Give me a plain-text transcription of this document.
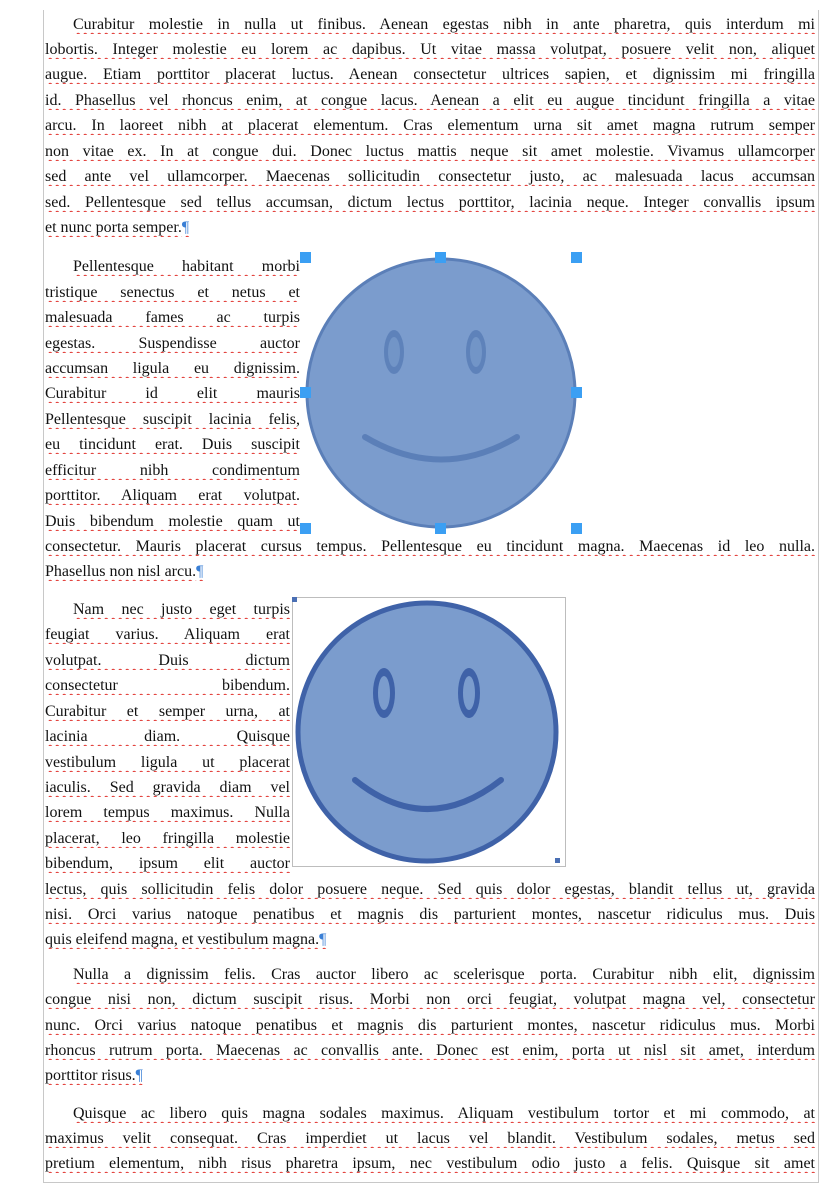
Curabitur molestie in nulla ut finibus. Aenean egestas nibh in ante pharetra, quis interdum mi
lobortis. Integer molestie eu lorem ac dapibus. Ut vitae massa volutpat, posuere velit non, aliquet
augue. Etiam porttitor placerat luctus. Aenean consectetur ultrices sapien, et dignissim mi fringilla
id. Phasellus vel rhoncus enim, at congue lacus. Aenean a elit eu augue tincidunt fringilla a vitae
arcu. In laoreet nibh at placerat elementum. Cras elementum urna sit amet magna rutrum semper
non vitae ex. In at congue dui. Donec luctus mattis neque sit amet molestie. Vivamus ullamcorper
sed ante vel ullamcorper. Maecenas sollicitudin consectetur justo, ac malesuada lacus accumsan
sed. Pellentesque sed tellus accumsan, dictum lectus porttitor, lacinia neque. Integer convallis ipsum
et nunc porta semper.¶
Pellentesque habitant morbi
tristique senectus et netus et
malesuada fames ac turpis
egestas. Suspendisse auctor
accumsan ligula eu dignissim.
Curabitur id elit mauris
Pellentesque suscipit lacinia felis,
eu tincidunt erat. Duis suscipit
efficitur nibh condimentum
porttitor. Aliquam erat volutpat.
Duis bibendum molestie quam ut
consectetur. Mauris placerat cursus tempus. Pellentesque eu tincidunt magna. Maecenas id leo nulla.
Phasellus non nisl arcu.¶
Nam nec justo eget turpis
feugiat varius. Aliquam erat
volutpat. Duis dictum
consectetur bibendum.
Curabitur et semper urna, at
lacinia diam. Quisque
vestibulum ligula ut placerat
iaculis. Sed gravida diam vel
lorem tempus maximus. Nulla
placerat, leo fringilla molestie
bibendum, ipsum elit auctor
lectus, quis sollicitudin felis dolor posuere neque. Sed quis dolor egestas, blandit tellus ut, gravida
nisi. Orci varius natoque penatibus et magnis dis parturient montes, nascetur ridiculus mus. Duis
quis eleifend magna, et vestibulum magna.¶
Nulla a dignissim felis. Cras auctor libero ac scelerisque porta. Curabitur nibh elit, dignissim
congue nisi non, dictum suscipit risus. Morbi non orci feugiat, volutpat magna vel, consectetur
nunc. Orci varius natoque penatibus et magnis dis parturient montes, nascetur ridiculus mus. Morbi
rhoncus rutrum porta. Maecenas ac convallis ante. Donec est enim, porta ut nisl sit amet, interdum
porttitor risus.¶
Quisque ac libero quis magna sodales maximus. Aliquam vestibulum tortor et mi commodo, at
maximus velit consequat. Cras imperdiet ut lacus vel blandit. Vestibulum sodales, metus sed
pretium elementum, nibh risus pharetra ipsum, nec vestibulum odio justo a felis. Quisque sit amet
